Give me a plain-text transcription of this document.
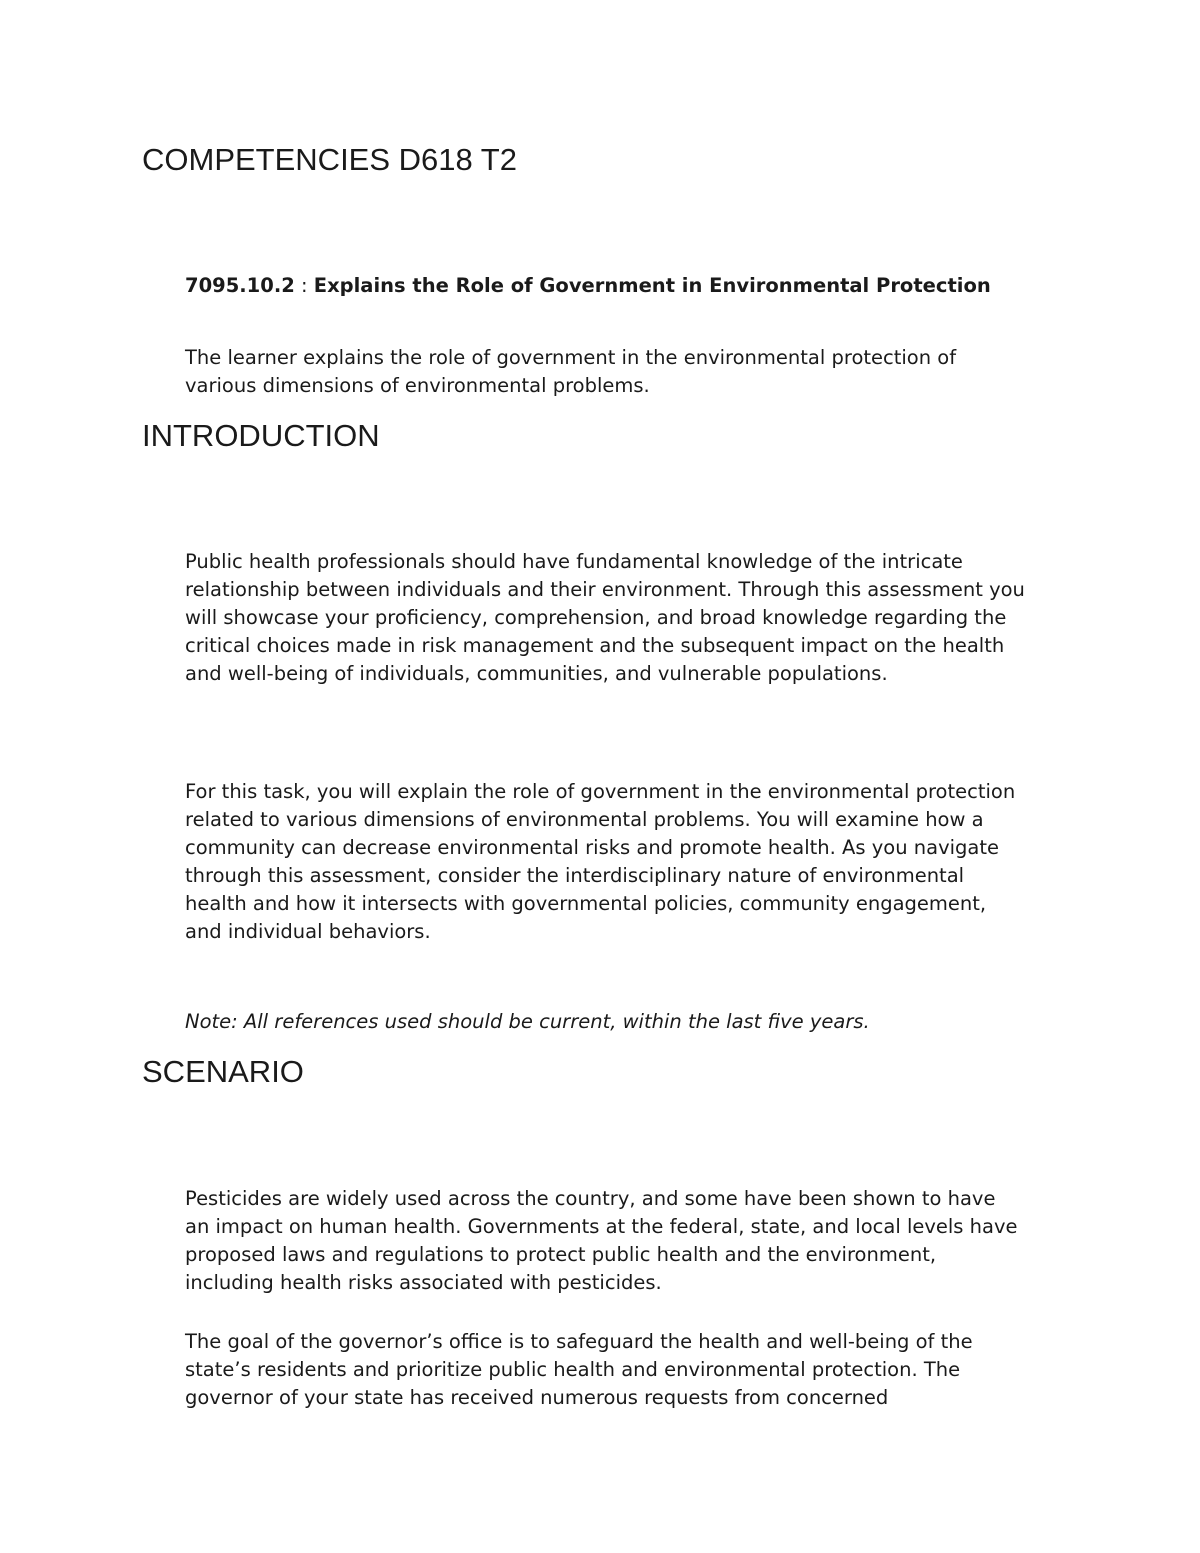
COMPETENCIES D618 T2

7095.10.2 : Explains the Role of Government in Environmental Protection

The learner explains the role of government in the environmental protection of various dimensions of environmental problems.

INTRODUCTION

Public health professionals should have fundamental knowledge of the intricate relationship between individuals and their environment. Through this assessment you will showcase your proficiency, comprehension, and broad knowledge regarding the critical choices made in risk management and the subsequent impact on the health and well-being of individuals, communities, and vulnerable populations.

For this task, you will explain the role of government in the environmental protection related to various dimensions of environmental problems. You will examine how a community can decrease environmental risks and promote health. As you navigate through this assessment, consider the interdisciplinary nature of environmental health and how it intersects with governmental policies, community engagement, and individual behaviors.

Note: All references used should be current, within the last five years.

SCENARIO

Pesticides are widely used across the country, and some have been shown to have an impact on human health. Governments at the federal, state, and local levels have proposed laws and regulations to protect public health and the environment, including health risks associated with pesticides.

The goal of the governor’s office is to safeguard the health and well-being of the state’s residents and prioritize public health and environmental protection. The governor of your state has received numerous requests from concerned
